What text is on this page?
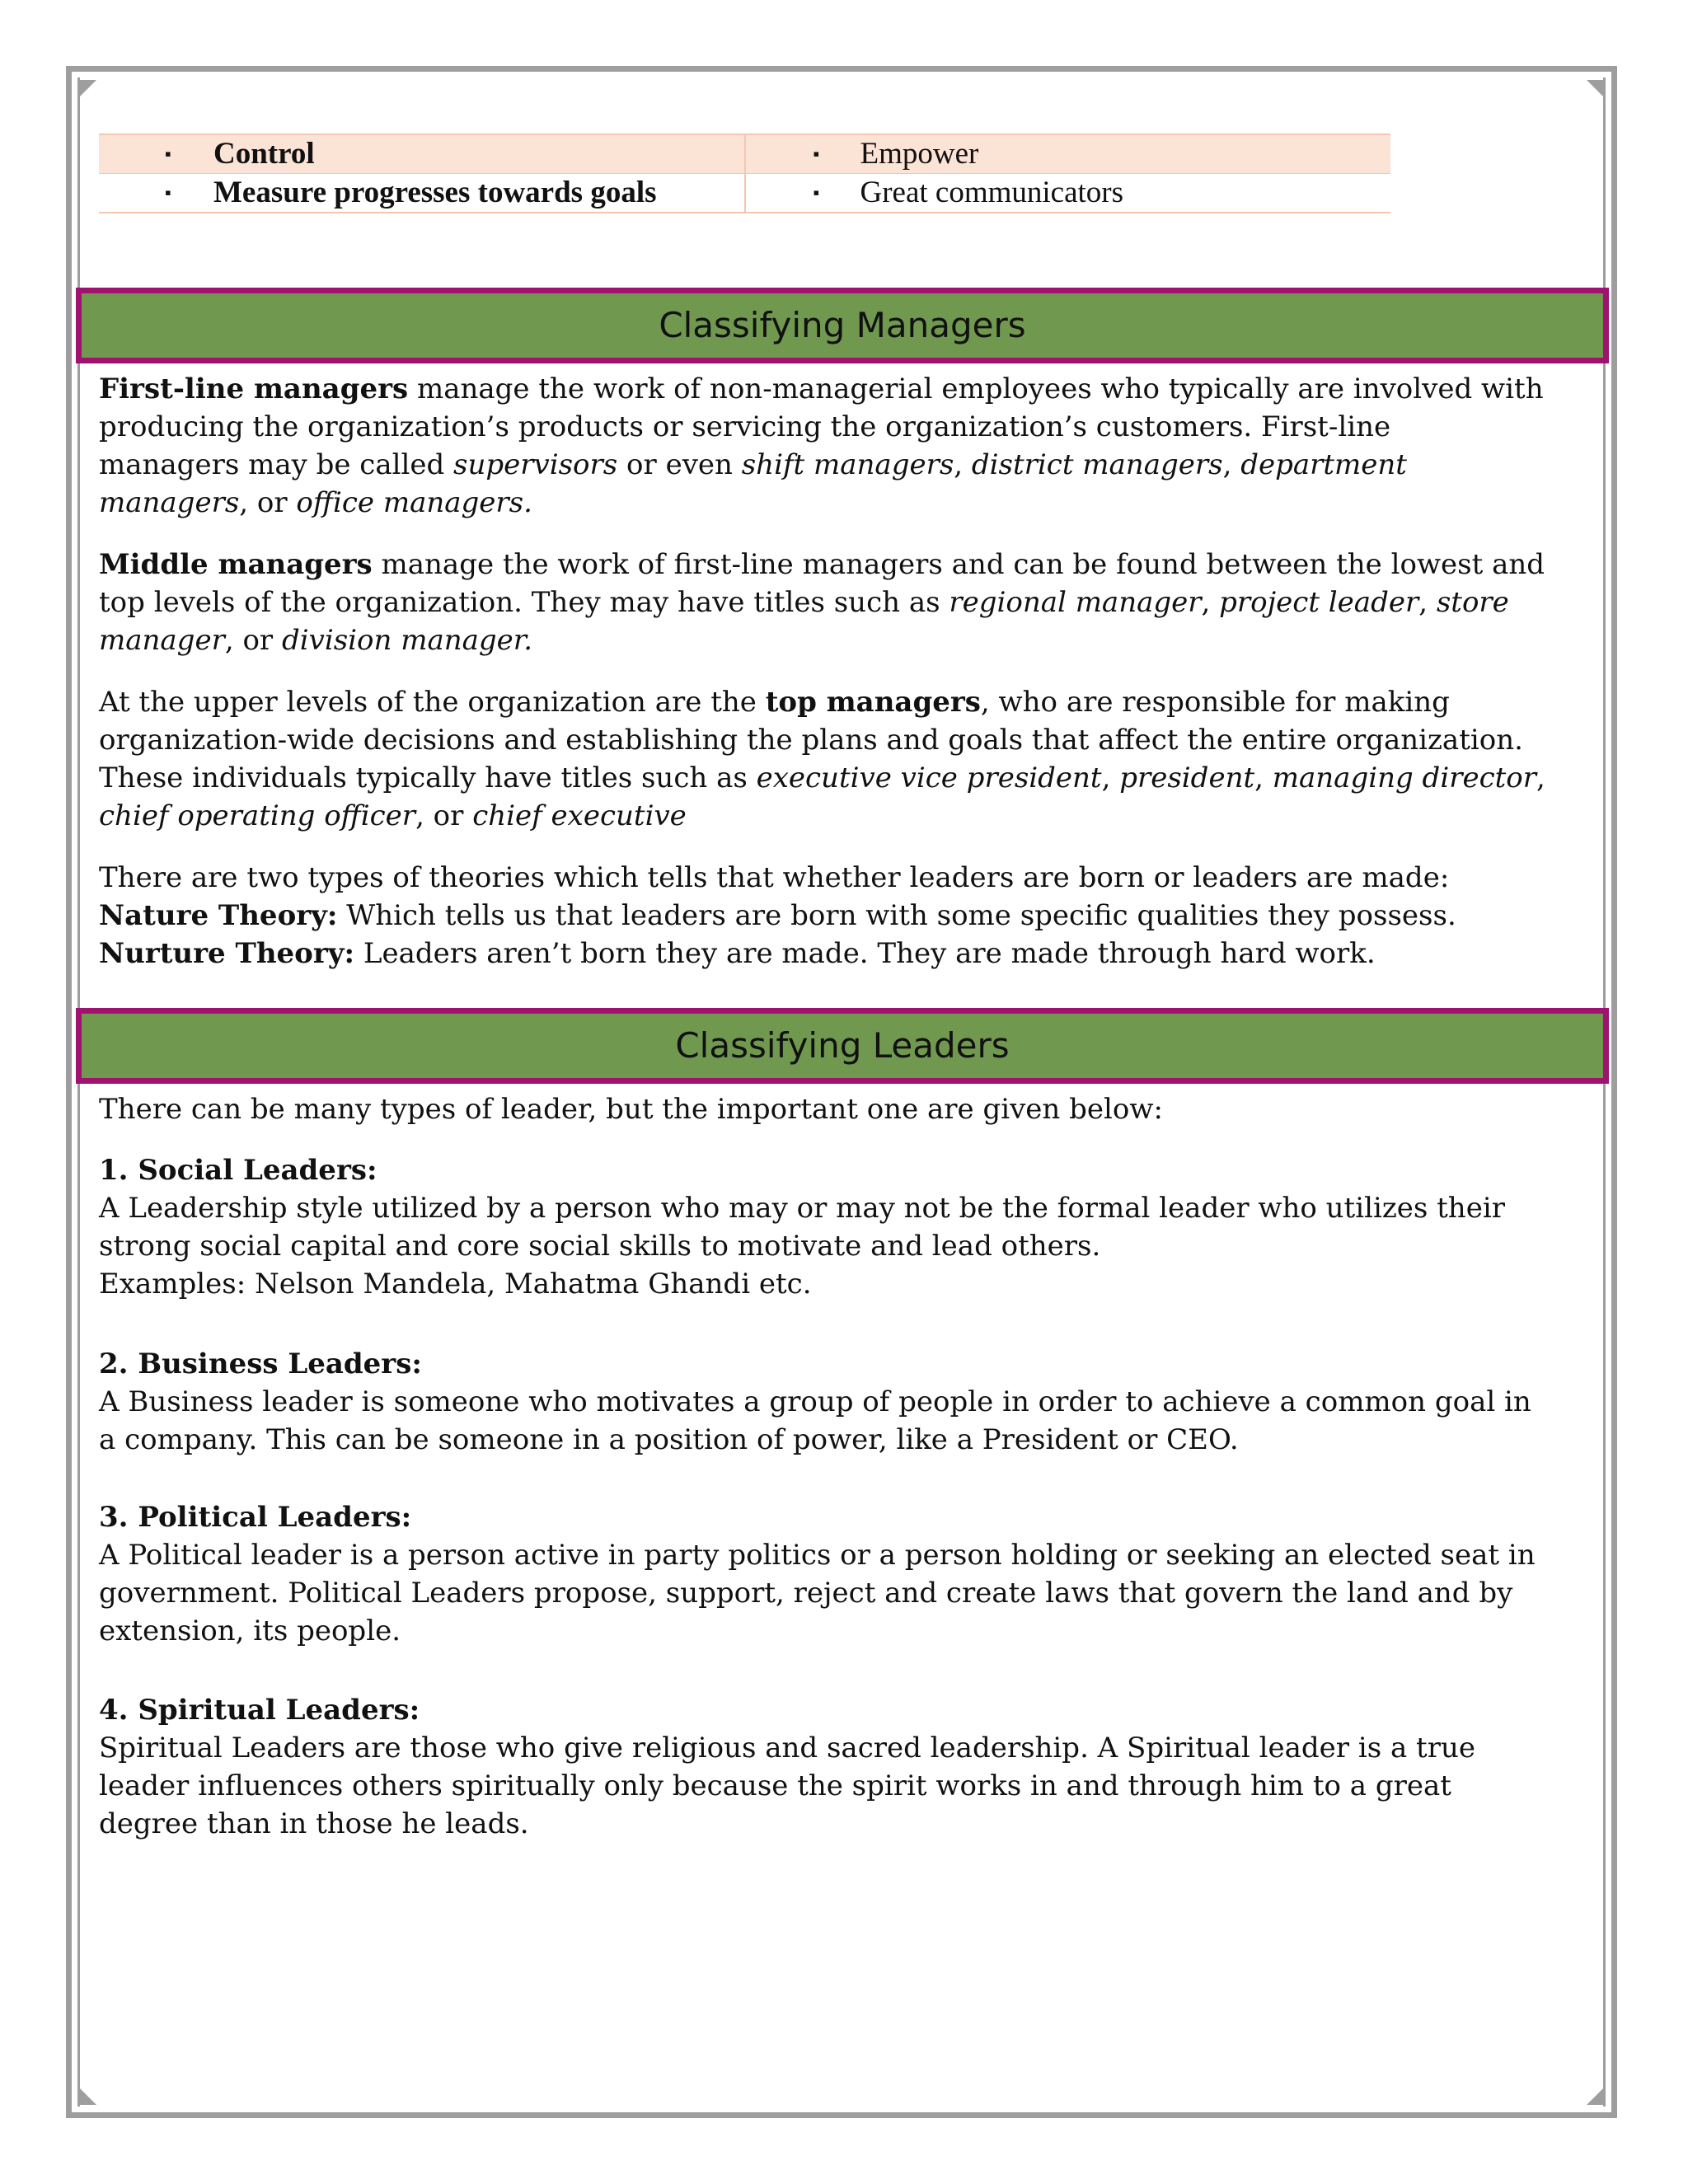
Classifying Managers
Classifying Leaders
▪ Control	▪ Empower
▪ Measure progresses towards goals	▪ Great communicators
First-line managers manage the work of non-managerial employees who typically are involved with
producing the organization’s products or servicing the organization’s customers. First-line
managers may be called supervisors or even shift managers, district managers, department
managers, or office managers.
Middle managers manage the work of first-line managers and can be found between the lowest and
top levels of the organization. They may have titles such as regional manager, project leader, store
manager, or division manager.
At the upper levels of the organization are the top managers, who are responsible for making
organization-wide decisions and establishing the plans and goals that affect the entire organization.
These individuals typically have titles such as executive vice president, president, managing director,
chief operating officer, or chief executive
There are two types of theories which tells that whether leaders are born or leaders are made:
Nature Theory: Which tells us that leaders are born with some specific qualities they possess.
Nurture Theory: Leaders aren’t born they are made. They are made through hard work.
There can be many types of leader, but the important one are given below:
1. Social Leaders:
A Leadership style utilized by a person who may or may not be the formal leader who utilizes their
strong social capital and core social skills to motivate and lead others.
Examples: Nelson Mandela, Mahatma Ghandi etc.
2. Business Leaders:
A Business leader is someone who motivates a group of people in order to achieve a common goal in
a company. This can be someone in a position of power, like a President or CEO.
3. Political Leaders:
A Political leader is a person active in party politics or a person holding or seeking an elected seat in
government. Political Leaders propose, support, reject and create laws that govern the land and by
extension, its people.
4. Spiritual Leaders:
Spiritual Leaders are those who give religious and sacred leadership. A Spiritual leader is a true
leader influences others spiritually only because the spirit works in and through him to a great
degree than in those he leads.
